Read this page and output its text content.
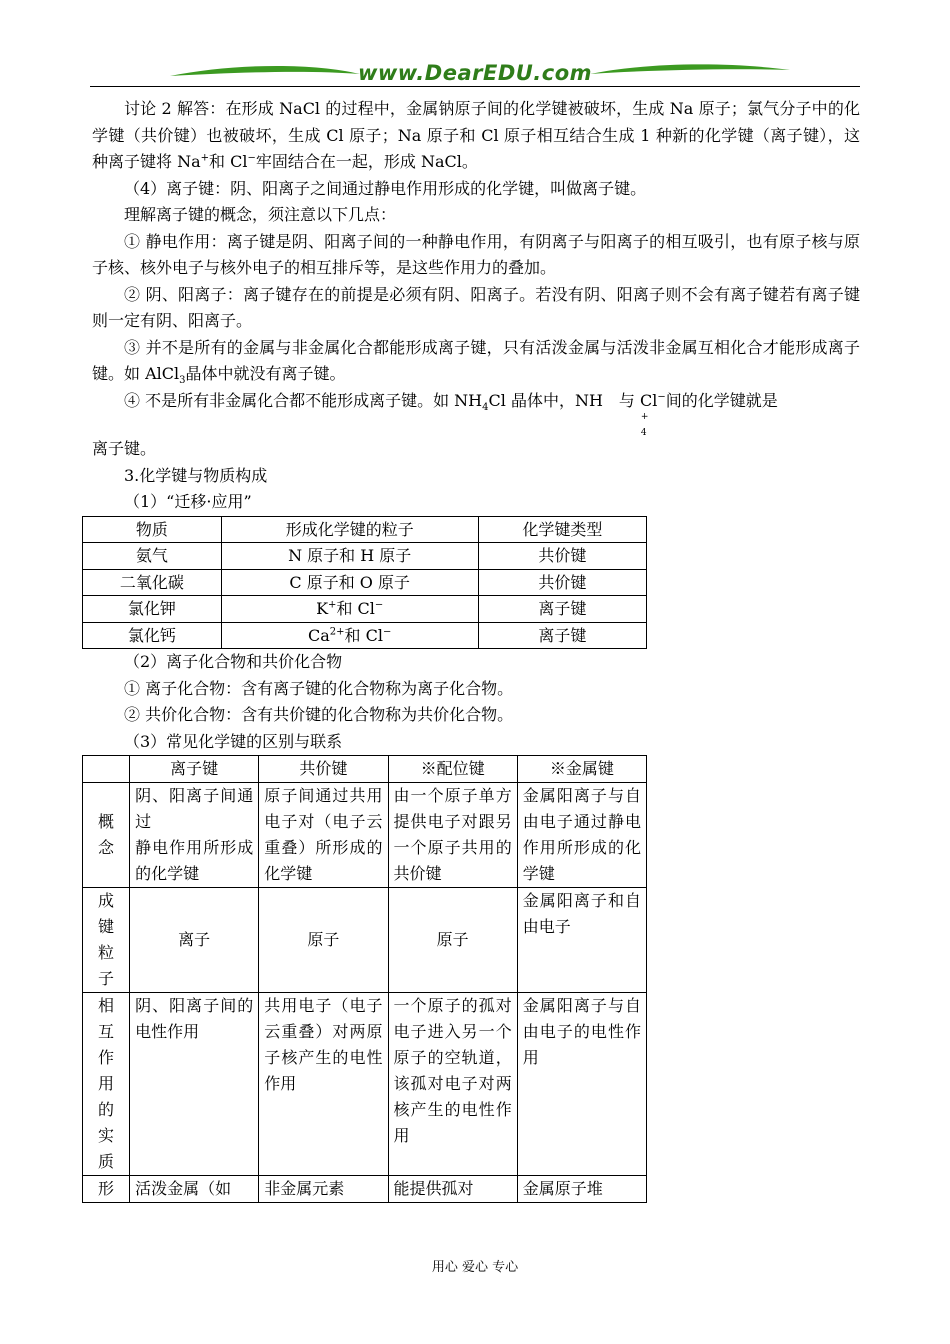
www.DearEDU.com

讨论 2 解答：在形成 NaCl 的过程中，金属钠原子间的化学键被破坏，生成 Na 原子；氯气分子中的化学键（共价键）也被破坏，生成 Cl 原子；Na 原子和 Cl 原子相互结合生成 1 种新的化学键（离子键），这种离子键将 Na+和 Cl−牢固结合在一起，形成 NaCl。

（4）离子键：阴、阳离子之间通过静电作用形成的化学键，叫做离子键。

理解离子键的概念，须注意以下几点：

① 静电作用：离子键是阴、阳离子间的一种静电作用，有阴离子与阳离子的相互吸引，也有原子核与原子核、核外电子与核外电子的相互排斥等，是这些作用力的叠加。

② 阴、阳离子：离子键存在的前提是必须有阴、阳离子。若没有阴、阳离子则不会有离子键若有离子键则一定有阴、阳离子。

③ 并不是所有的金属与非金属化合都能形成离子键，只有活泼金属与活泼非金属互相化合才能形成离子键。如 AlCl$_3$晶体中就没有离子键。

④ 不是所有非金属化合都不能形成离子键。如 $NH_4Cl$ 晶体中，NH
+
4
与 Cl−间的化学键就是

离子键。

3.化学键与物质构成

（1）“迁移·应用”

物质	形成化学键的粒子	化学键类型
氨气	N 原子和 H 原子	共价键
二氧化碳	C 原子和 O 原子	共价键
氯化钾	K+和 Cl−	离子键
氯化钙	$Ca^{2+}$和 Cl−	离子键

（2）离子化合物和共价化合物

① 离子化合物：含有离子键的化合物称为离子化合物。

② 共价化合物：含有共价键的化合物称为共价化合物。

（3）常见化学键的区别与联系

	离子键	共价键	※配位键	※金属键
概念	阴、阳离子间通过
静电作用所形成的化学键	原子间通过共用电子对（电子云重叠）所形成的化学键	由一个原子单方提供电子对跟另一个原子共用的共价键	金属阳离子与自由电子通过静电作用所形成的化学键
成键粒子	离子	原子	原子	金属阳离子和自由电子
相互作用的实质	阴、阳离子间的电性作用	共用电子（电子云重叠）对两原子核产生的电性作用	一个原子的孤对电子进入另一个原子的空轨道，该孤对电子对两核产生的电性作用	金属阳离子与自由电子的电性作用
形	活泼金属（如	非金属元素	能提供孤对	金属原子堆
用心 爱心 专心
